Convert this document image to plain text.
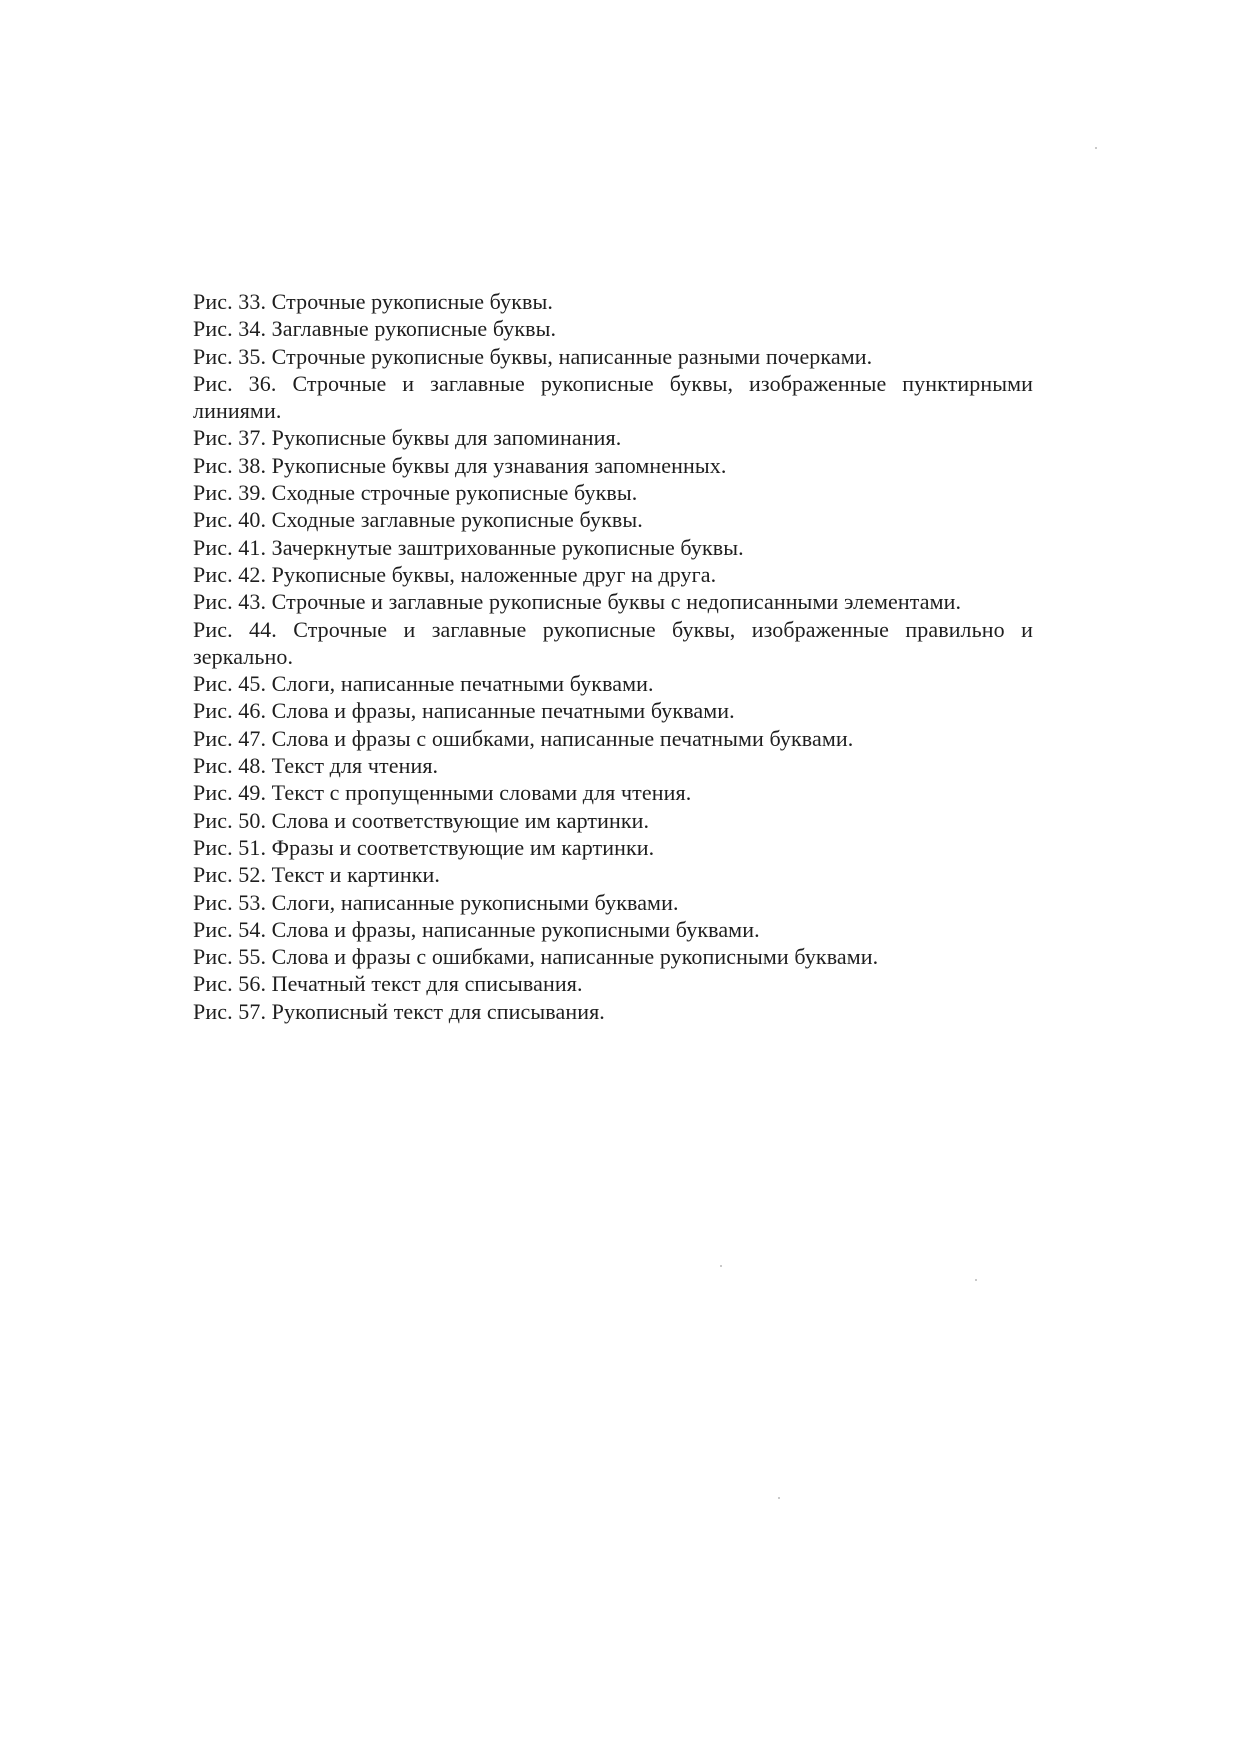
Рис. 33. Строчные рукописные буквы.
Рис. 34. Заглавные рукописные буквы.
Рис. 35. Строчные рукописные буквы, написанные разными почерками.
Рис. 36. Строчные и заглавные рукописные буквы, изображенные пунктирными линиями.
Рис. 37. Рукописные буквы для запоминания.
Рис. 38. Рукописные буквы для узнавания запомненных.
Рис. 39. Сходные строчные рукописные буквы.
Рис. 40. Сходные заглавные рукописные буквы.
Рис. 41. Зачеркнутые заштрихованные рукописные буквы.
Рис. 42. Рукописные буквы, наложенные друг на друга.
Рис. 43. Строчные и заглавные рукописные буквы с недописанными элементами.
Рис. 44. Строчные и заглавные рукописные буквы, изображенные правильно и зеркально.
Рис. 45. Слоги, написанные печатными буквами.
Рис. 46. Слова и фразы, написанные печатными буквами.
Рис. 47. Слова и фразы с ошибками, написанные печатными буквами.
Рис. 48. Текст для чтения.
Рис. 49. Текст с пропущенными словами для чтения.
Рис. 50. Слова и соответствующие им картинки.
Рис. 51. Фразы и соответствующие им картинки.
Рис. 52. Текст и картинки.
Рис. 53. Слоги, написанные рукописными буквами.
Рис. 54. Слова и фразы, написанные рукописными буквами.
Рис. 55. Слова и фразы с ошибками, написанные рукописными буквами.
Рис. 56. Печатный текст для списывания.
Рис. 57. Рукописный текст для списывания.
